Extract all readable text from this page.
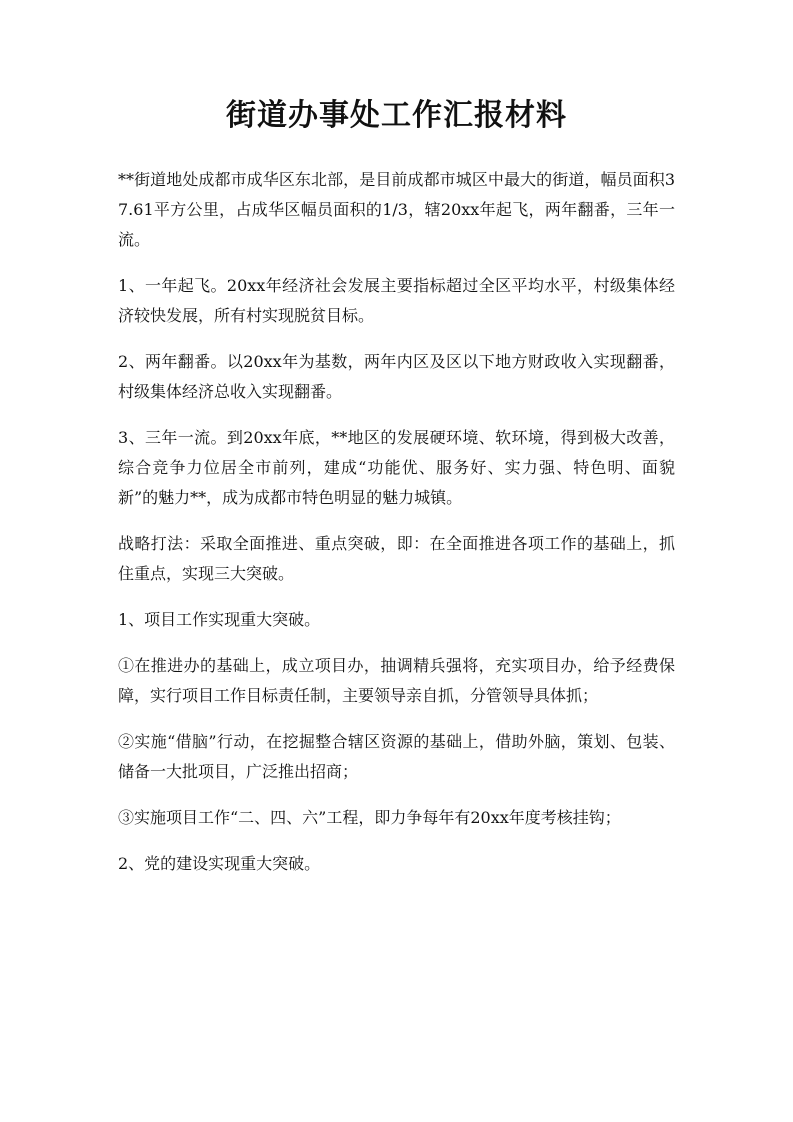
街道办事处工作汇报材料

**街道地处成都市成华区东北部，是目前成都市城区中最大的街道，幅员面积37.61平方公里，占成华区幅员面积的1/3，辖20xx年起飞，两年翻番，三年一流。

1、一年起飞。20xx年经济社会发展主要指标超过全区平均水平，村级集体经济较快发展，所有村实现脱贫目标。

2、两年翻番。以20xx年为基数，两年内区及区以下地方财政收入实现翻番，村级集体经济总收入实现翻番。

3、三年一流。到20xx年底，**地区的发展硬环境、软环境，得到极大改善，综合竞争力位居全市前列，建成“功能优、服务好、实力强、特色明、面貌新”的魅力**，成为成都市特色明显的魅力城镇。

战略打法：采取全面推进、重点突破，即：在全面推进各项工作的基础上，抓住重点，实现三大突破。

1、项目工作实现重大突破。

①在推进办的基础上，成立项目办，抽调精兵强将，充实项目办，给予经费保障，实行项目工作目标责任制，主要领导亲自抓，分管领导具体抓；

②实施“借脑”行动，在挖掘整合辖区资源的基础上，借助外脑，策划、包装、储备一大批项目，广泛推出招商；

③实施项目工作“二、四、六”工程，即力争每年有20xx年度考核挂钩；

2、党的建设实现重大突破。
